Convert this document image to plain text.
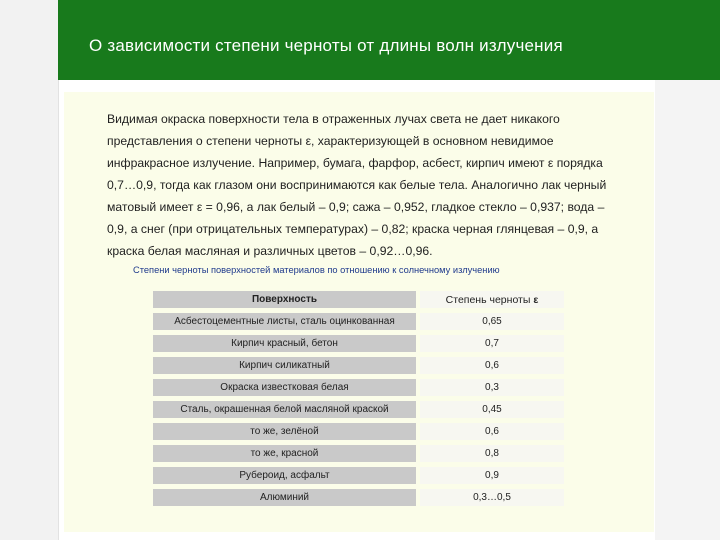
О зависимости степени черноты от длины волн излучения

Видимая окраска поверхности тела в отраженных лучах света не дает никакого представления о степени черноты ε, характеризующей в основном невидимое инфракрасное излучение. Например, бумага, фарфор, асбест, кирпич имеют ε порядка 0,7…0,9, тогда как глазом они воспринимаются как белые тела. Аналогично лак черный матовый имеет ε = 0,96, а лак белый – 0,9; сажа – 0,952, гладкое стекло – 0,937; вода – 0,9, а снег (при отрицательных температурах) – 0,82; краска черная глянцевая – 0,9, а краска белая масляная и различных цветов – 0,92…0,96.

Степени черноты поверхностей материалов по отношению к солнечному излучению

Поверхность	Степень черноты ε
Асбестоцементные листы, сталь оцинкованная	0,65
Кирпич красный, бетон	0,7
Кирпич силикатный	0,6
Окраска известковая белая	0,3
Сталь, окрашенная белой масляной краской	0,45
то же, зелёной	0,6
то же, красной	0,8
Рубероид, асфальт	0,9
Алюминий	0,3…0,5
